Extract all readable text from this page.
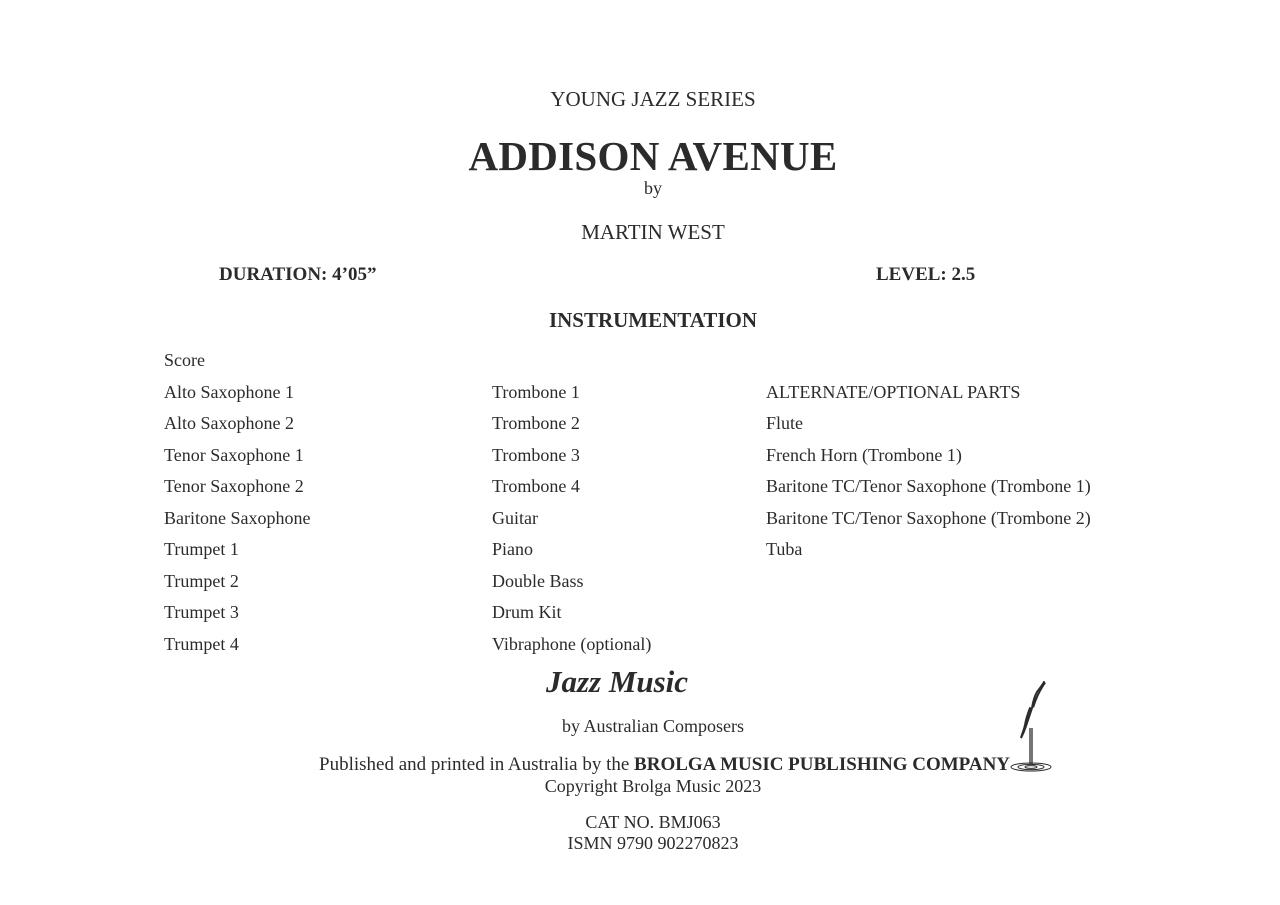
YOUNG JAZZ SERIES
ADDISON AVENUE
by
MARTIN WEST
DURATION: 4’05”	LEVEL: 2.5
INSTRUMENTATION
Score
Alto Saxophone 1
Alto Saxophone 2
Tenor Saxophone 1
Tenor Saxophone 2
Baritone Saxophone
Trumpet 1
Trumpet 2
Trumpet 3
Trumpet 4
Trombone 1
Trombone 2
Trombone 3
Trombone 4
Guitar
Piano
Double Bass
Drum Kit
Vibraphone (optional)
ALTERNATE/OPTIONAL PARTS
Flute
French Horn (Trombone 1)
Baritone TC/Tenor Saxophone (Trombone 1)
Baritone TC/Tenor Saxophone (Trombone 2)
Tuba
Jazz Music
by Australian Composers
Published and printed in Australia by the BROLGA MUSIC PUBLISHING COMPANY
Copyright Brolga Music 2023
CAT NO. BMJ063
ISMN 9790 902270823
